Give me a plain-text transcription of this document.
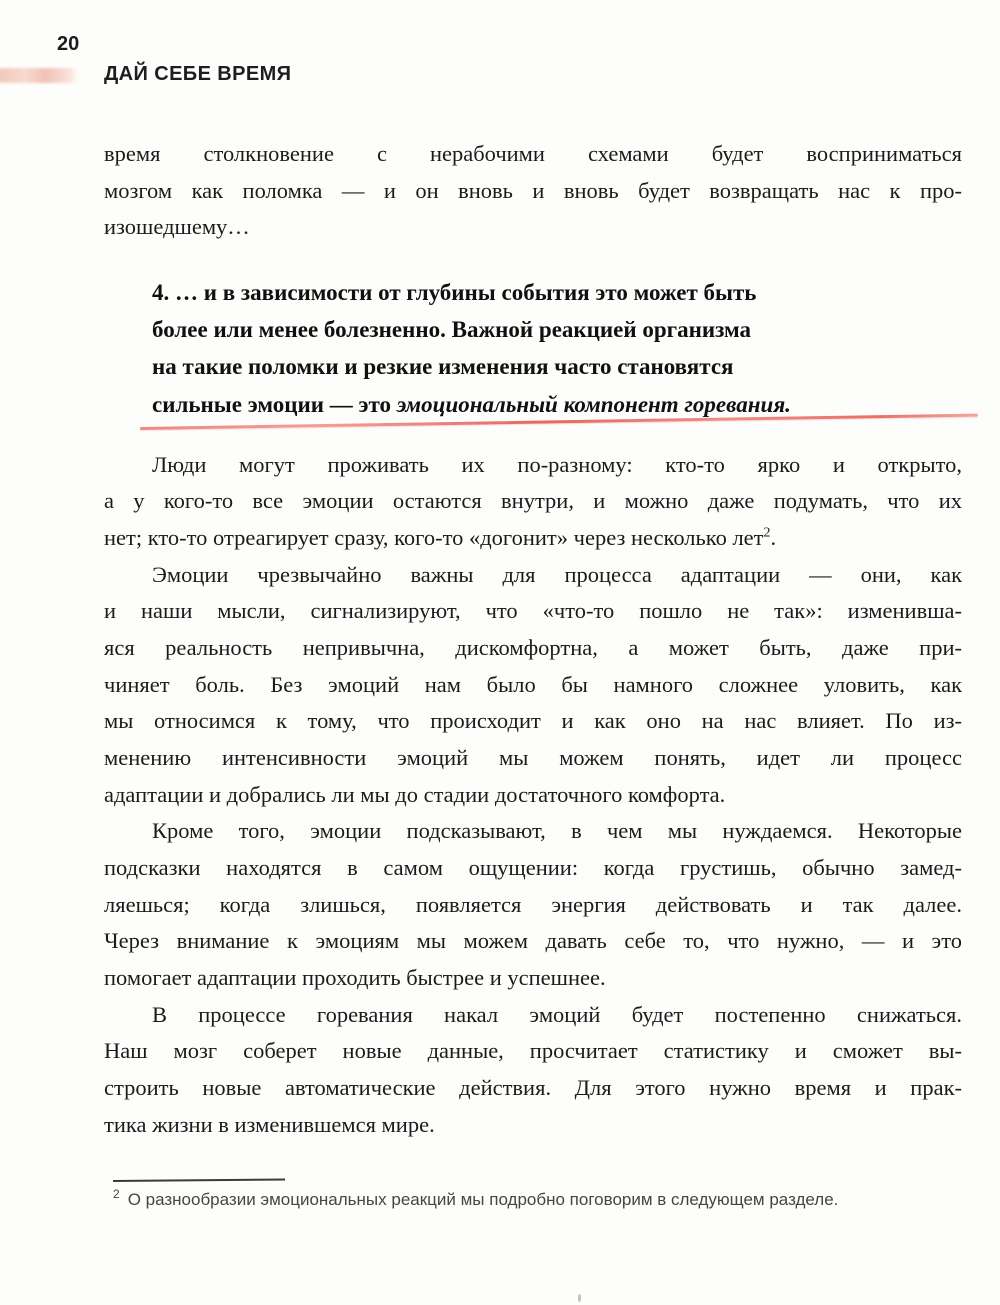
20
ДАЙ СЕБЕ ВРЕМЯ
время столкновение с нерабочими схемами будет восприниматься
мозгом как поломка — и он вновь и вновь будет возвращать нас к про-
изошедшему…
4. … и в зависимости от глубины события это может быть
более или менее болезненно. Важной реакцией организма
на такие поломки и резкие изменения часто становятся
сильные эмоции — это эмоциональный компонент горевания.
Люди могут проживать их по-разному: кто-то ярко и открыто,
а у кого-то все эмоции остаются внутри, и можно даже подумать, что их
нет; кто-то отреагирует сразу, кого-то «догонит» через несколько лет$^2$.
Эмоции чрезвычайно важны для процесса адаптации — они, как
и наши мысли, сигнализируют, что «что-то пошло не так»: изменивша-
яся реальность непривычна, дискомфортна, а может быть, даже при-
чиняет боль. Без эмоций нам было бы намного сложнее уловить, как
мы относимся к тому, что происходит и как оно на нас влияет. По из-
менению интенсивности эмоций мы можем понять, идет ли процесс
адаптации и добрались ли мы до стадии достаточного комфорта.
Кроме того, эмоции подсказывают, в чем мы нуждаемся. Некоторые
подсказки находятся в самом ощущении: когда грустишь, обычно замед-
ляешься; когда злишься, появляется энергия действовать и так далее.
Через внимание к эмоциям мы можем давать себе то, что нужно, — и это
помогает адаптации проходить быстрее и успешнее.
В процессе горевания накал эмоций будет постепенно снижаться.
Наш мозг соберет новые данные, просчитает статистику и сможет вы-
строить новые автоматические действия. Для этого нужно время и прак-
тика жизни в изменившемся мире.

$^2$ О разнообразии эмоциональных реакций мы подробно поговорим в следующем разделе.
